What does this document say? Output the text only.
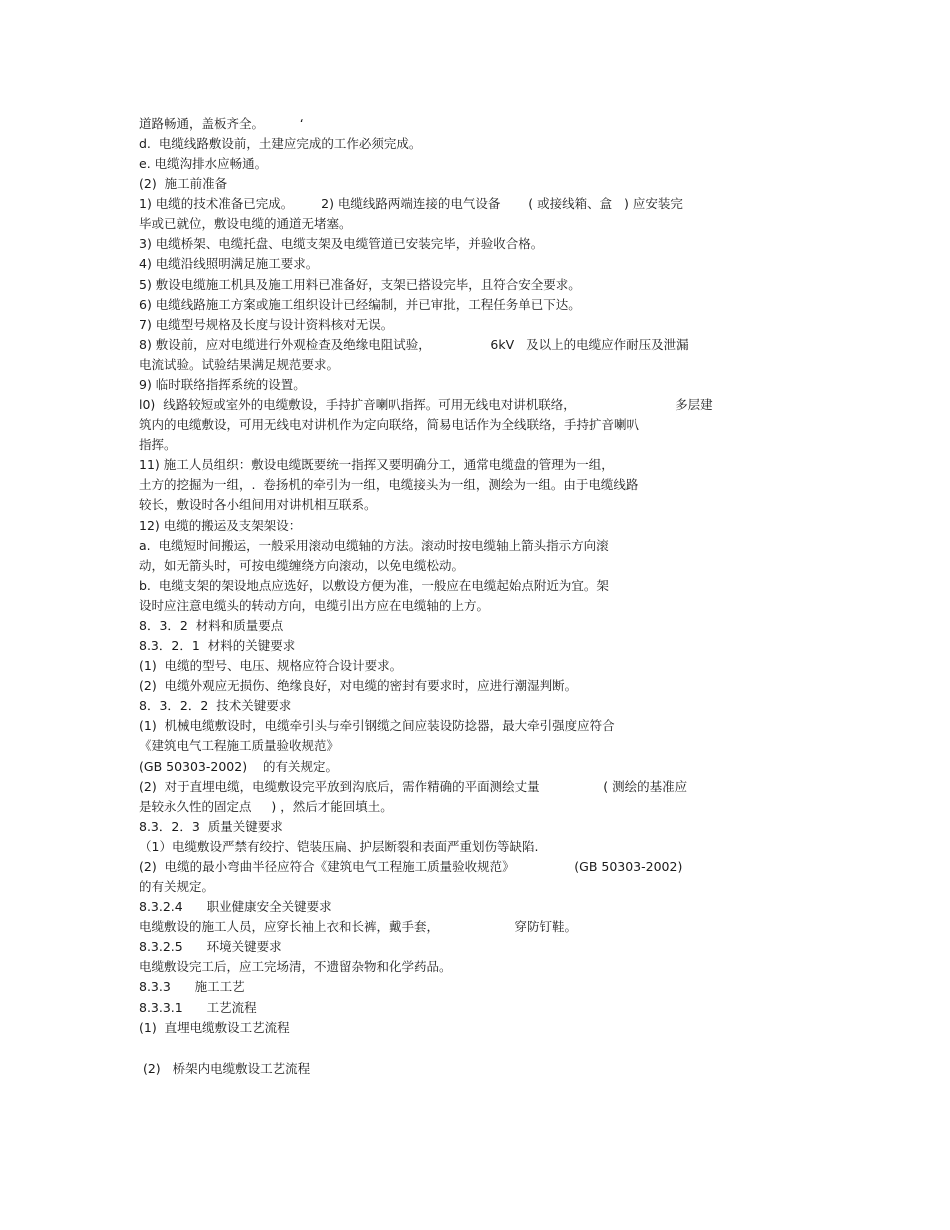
道路畅通，盖板齐全。         ‘
d.  电缆线路敷设前，土建应完成的工作必须完成。
e. 电缆沟排水应畅通。
(2)  施工前准备
1) 电缆的技术准备已完成。       2) 电缆线路两端连接的电气设备       ( 或接线箱、盒   ) 应安装完
毕或已就位，敷设电缆的通道无堵塞。
3) 电缆桥架、电缆托盘、电缆支架及电缆管道已安装完毕，并验收合格。
4) 电缆沿线照明满足施工要求。
5) 敷设电缆施工机具及施工用料已准备好，支架已搭设完毕，且符合安全要求。
6) 电缆线路施工方案或施工组织设计已经编制，并已审批，工程任务单已下达。
7) 电缆型号规格及长度与设计资料核对无误。
8) 敷设前，应对电缆进行外观检查及绝缘电阻试验，               6kV   及以上的电缆应作耐压及泄漏
电流试验。试验结果满足规范要求。
9) 临时联络指挥系统的设置。
l0)  线路较短或室外的电缆敷设，手持扩音喇叭指挥。可用无线电对讲机联络，                         多层建
筑内的电缆敷设，可用无线电对讲机作为定向联络，简易电话作为全线联络，手持扩音喇叭
指挥。
11) 施工人员组织：敷设电缆既要统一指挥又要明确分工，通常电缆盘的管理为一组，
土方的挖掘为一组，.  卷扬机的牵引为一组，电缆接头为一组，测绘为一组。由于电缆线路
较长，敷设时各小组间用对讲机相互联系。
12) 电缆的搬运及支架架设：
a.  电缆短时间搬运，一般采用滚动电缆轴的方法。滚动时按电缆轴上箭头指示方向滚
动，如无箭头时，可按电缆缠绕方向滚动，以免电缆松动。
b.  电缆支架的架设地点应选好，以敷设方便为准，一般应在电缆起始点附近为宜。架
设时应注意电缆头的转动方向，电缆引出方应在电缆轴的上方。
8．3．2  材料和质量要点
8.3．2．1  材料的关键要求
(1)  电缆的型号、电压、规格应符合设计要求。
(2)  电缆外观应无损伤、绝缘良好，对电缆的密封有要求时，应进行潮湿判断。
8．3．2．2  技术关键要求
(1)  机械电缆敷设时，电缆牵引头与牵引钢缆之间应装设防捻器，最大牵引强度应符合
《建筑电气工程施工质量验收规范》
(GB 50303-2002)    的有关规定。
(2)  对于直埋电缆，电缆敷设完平放到沟底后，需作精确的平面测绘丈量                ( 测绘的基准应
是较永久性的固定点     ) ，然后才能回填土。
8.3．2．3  质量关键要求
（1）电缆敷设严禁有绞拧、铠装压扁、护层断裂和表面严重划伤等缺陷.
(2)  电缆的最小弯曲半径应符合《建筑电气工程施工质量验收规范》               (GB 50303-2002)
的有关规定。
8.3.2.4      职业健康安全关键要求
电缆敷设的施工人员，应穿长袖上衣和长裤，戴手套，                   穿防钉鞋。
8.3.2.5      环境关键要求
电缆敷设完工后，应工完场清，不遗留杂物和化学药品。
8.3.3      施工工艺
8.3.3.1      工艺流程
(1)  直埋电缆敷设工艺流程
(2)   桥架内电缆敷设工艺流程
